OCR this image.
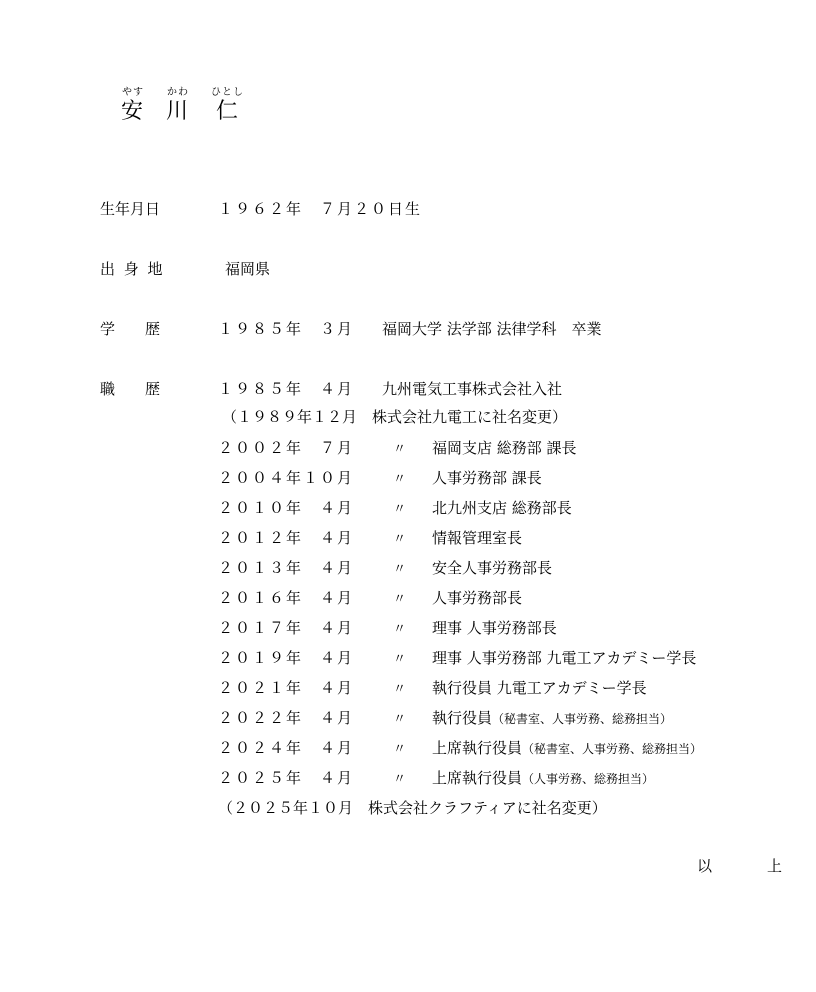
やす かわ ひとし
安 川 仁
生年月日	１９６２年　７月２０日生
出 身 地	福岡県
学　　歴	１９８５年　３月 福岡大学 法学部 法律学科　卒業
職　　歴	１９８５年　４月 九州電気工事株式会社入社
（１９８９年１２月　株式会社九電工に社名変更）
２００２年　７月	〃 福岡支店 総務部 課長
２００４年１０月	〃 人事労務部 課長
２０１０年　４月	〃 北九州支店 総務部長
２０１２年　４月	〃 情報管理室長
２０１３年　４月	〃 安全人事労務部長
２０１６年　４月	〃 人事労務部長
２０１７年　４月	〃 理事 人事労務部長
２０１９年　４月	〃 理事 人事労務部 九電工アカデミー学長
２０２１年　４月	〃 執行役員 九電工アカデミー学長
２０２２年　４月	〃 執行役員（秘書室、人事労務、総務担当）
２０２４年　４月	〃 上席執行役員（秘書室、人事労務、総務担当）
２０２５年　４月	〃 上席執行役員（人事労務、総務担当）
（２０２５年１０月　株式会社クラフティアに社名変更）
以　上
